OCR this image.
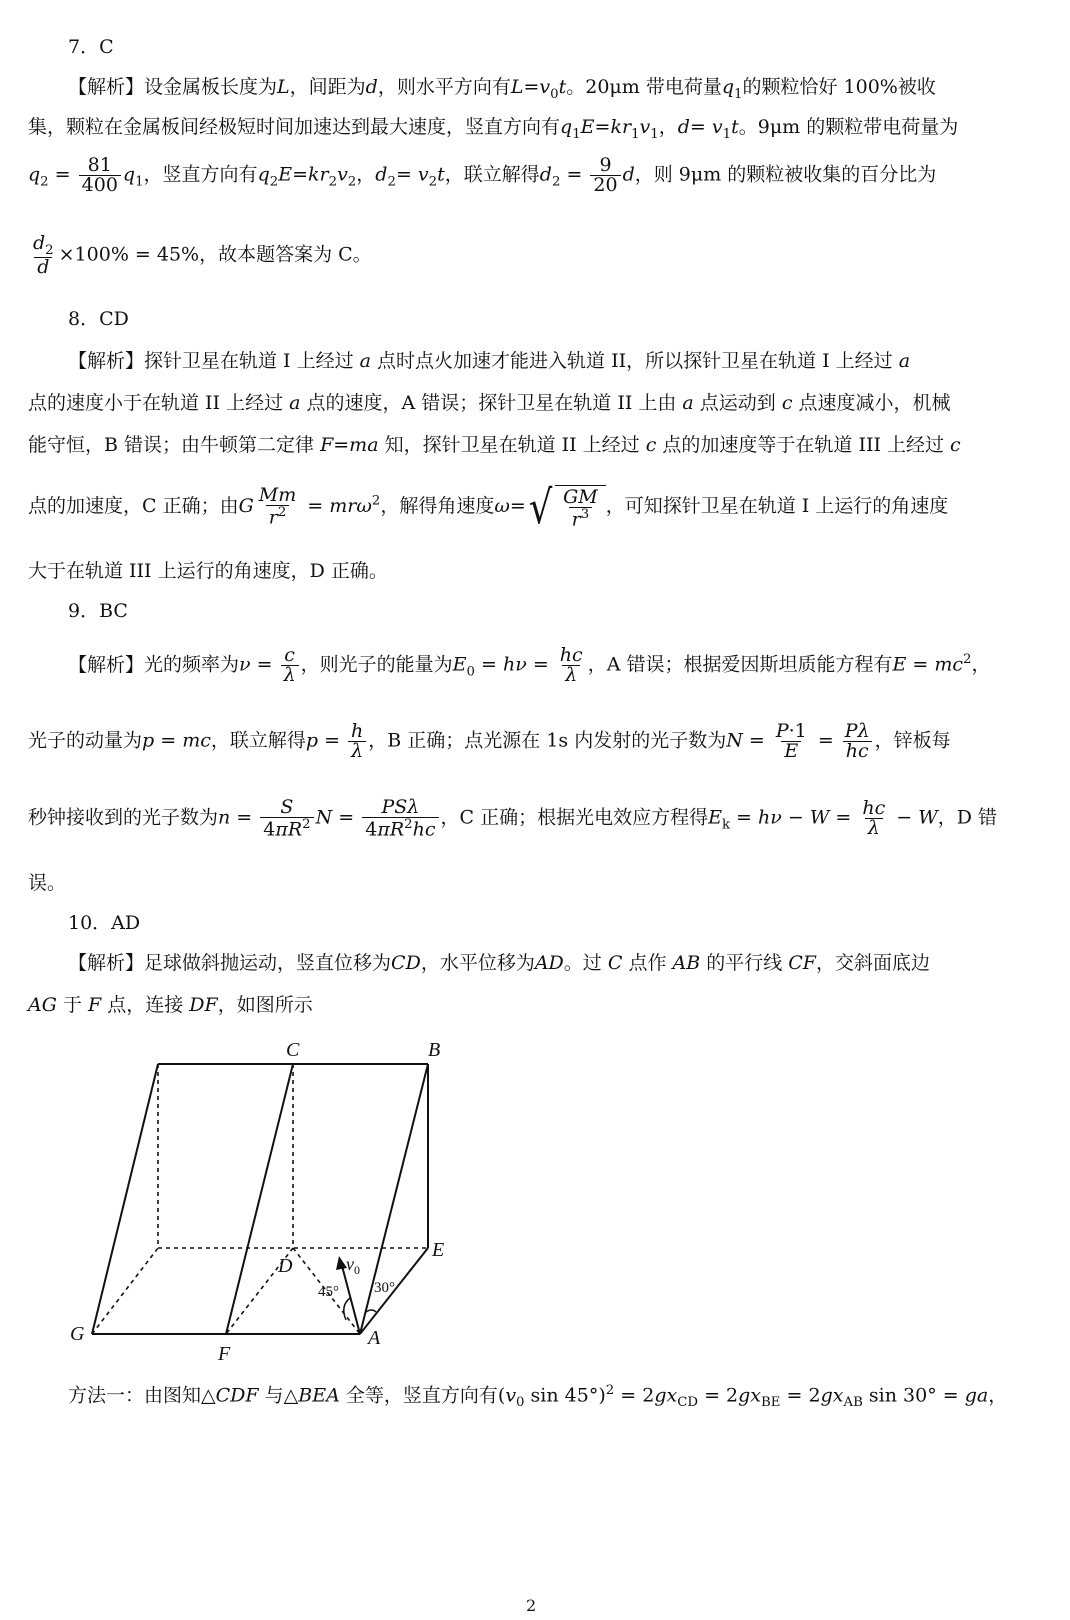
7．C
【解析】设金属板长度为L，间距为d，则水平方向有$L=v_0t$。20μm 带电荷量$q_1$的颗粒恰好 100%被收
集，颗粒在金属板间经极短时间加速达到最大速度，竖直方向有$q_1E=kr_1v_1$，$d= v_1t$。9μm 的颗粒带电荷量为
$q_2 = \frac{81}{400} q_1$，竖直方向有$q_2E=kr_2v_2$，$d_2= v_2t$，联立解得$d_2 = \frac{9}{20}$ d，则 9μm 的颗粒被收集的百分比为
$\frac{d_2}{d} \times 100\% = 45\%$，故本题答案为 C。
8．CD
【解析】探针卫星在轨道 I 上经过 a 点时点火加速才能进入轨道 II，所以探针卫星在轨道 I 上经过 a
点的速度小于在轨道 II 上经过 a 点的速度，A 错误；探针卫星在轨道 II 上由 a 点运动到 c 点速度减小，机械
能守恒，B 错误；由牛顿第二定律 F=ma 知，探针卫星在轨道 II 上经过 c 点的加速度等于在轨道 III 上经过 c
点的加速度，C 正确；由G $\frac{Mm}{r^2} = mr\omega^2$，解得角速度ω= √ $\frac{GM}{r^3}$ ，可知探针卫星在轨道 I 上运行的角速度
大于在轨道 III 上运行的角速度，D 正确。
9．BC
【解析】光的频率为$\nu = \frac{c}{\lambda}$ ，则光子的能量为$E_0 = h\nu = \frac{hc}{\lambda}$ ，A 错误；根据爱因斯坦质能方程有$E = mc^2$，
光子的动量为p = mc，联立解得$p = \frac{h}{\lambda}$ ，B 正确；点光源在 1s 内发射的光子数为$N = \frac{P\cdot 1}{E} = \frac{P\lambda}{hc}$ ，锌板每
秒钟接收到的光子数为$n = \frac{S}{4\pi R^2}$ $N = \frac{\text{PSλ}}{4\pi R^2hc}$ ，C 正确；根据光电效应方程得$E_k = h\nu - W = \frac{hc}{\lambda} - W$，D 错
误。
10．AD
【解析】足球做斜抛运动，竖直位移为CD，水平位移为AD。过 C 点作 AB 的平行线 CF，交斜面底边
AG 于 F 点，连接 DF，如图所示
C	B
E
D
G
F
A
$v_0$
45° 30°
方法一：由图知△CDF 与△BEA 全等，竖直方向有($v_0$ $\sin 45^\circ)^2 = 2gx_{CD} = 2gx_{BE} = 2gx_{AB}$ sin 30° = ga，
2
